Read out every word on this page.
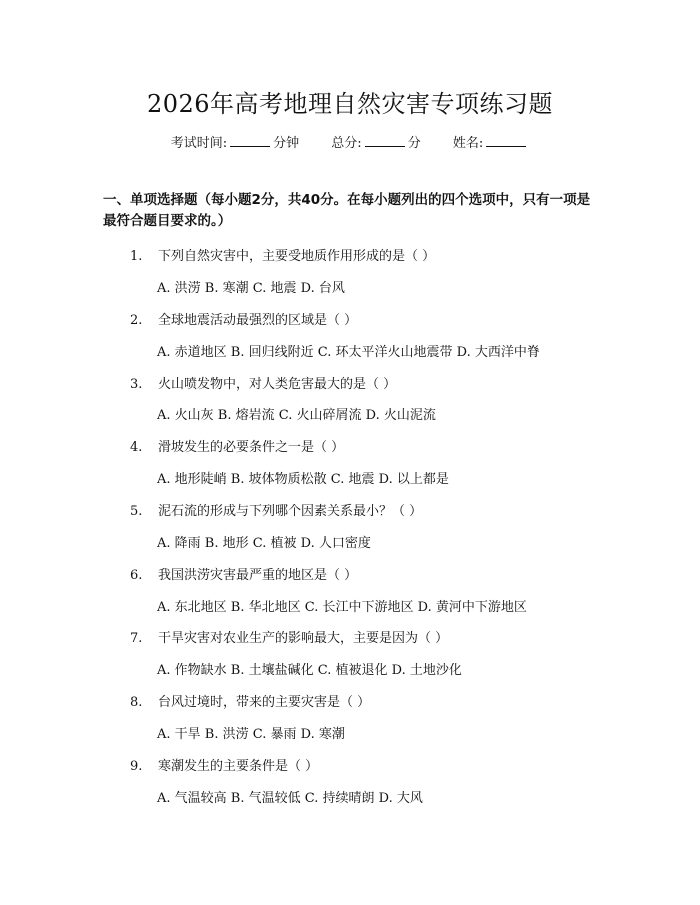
2026年高考地理自然灾害专项练习题
考试时间:	分钟 总分:	分 姓名:
一、单项选择题（每小题2分，共40分。在每小题列出的四个选项中，只有一项是最符合题目要求的。）
1. 下列自然灾害中，主要受地质作用形成的是（ ）
A. 洪涝 B. 寒潮 C. 地震 D. 台风
2. 全球地震活动最强烈的区域是（ ）
A. 赤道地区 B. 回归线附近 C. 环太平洋火山地震带 D. 大西洋中脊
3. 火山喷发物中，对人类危害最大的是（ ）
A. 火山灰 B. 熔岩流 C. 火山碎屑流 D. 火山泥流
4. 滑坡发生的必要条件之一是（ ）
A. 地形陡峭 B. 坡体物质松散 C. 地震 D. 以上都是
5. 泥石流的形成与下列哪个因素关系最小？（ ）
A. 降雨 B. 地形 C. 植被 D. 人口密度
6. 我国洪涝灾害最严重的地区是（ ）
A. 东北地区 B. 华北地区 C. 长江中下游地区 D. 黄河中下游地区
7. 干旱灾害对农业生产的影响最大，主要是因为（ ）
A. 作物缺水 B. 土壤盐碱化 C. 植被退化 D. 土地沙化
8. 台风过境时，带来的主要灾害是（ ）
A. 干旱 B. 洪涝 C. 暴雨 D. 寒潮
9. 寒潮发生的主要条件是（ ）
A. 气温较高 B. 气温较低 C. 持续晴朗 D. 大风
